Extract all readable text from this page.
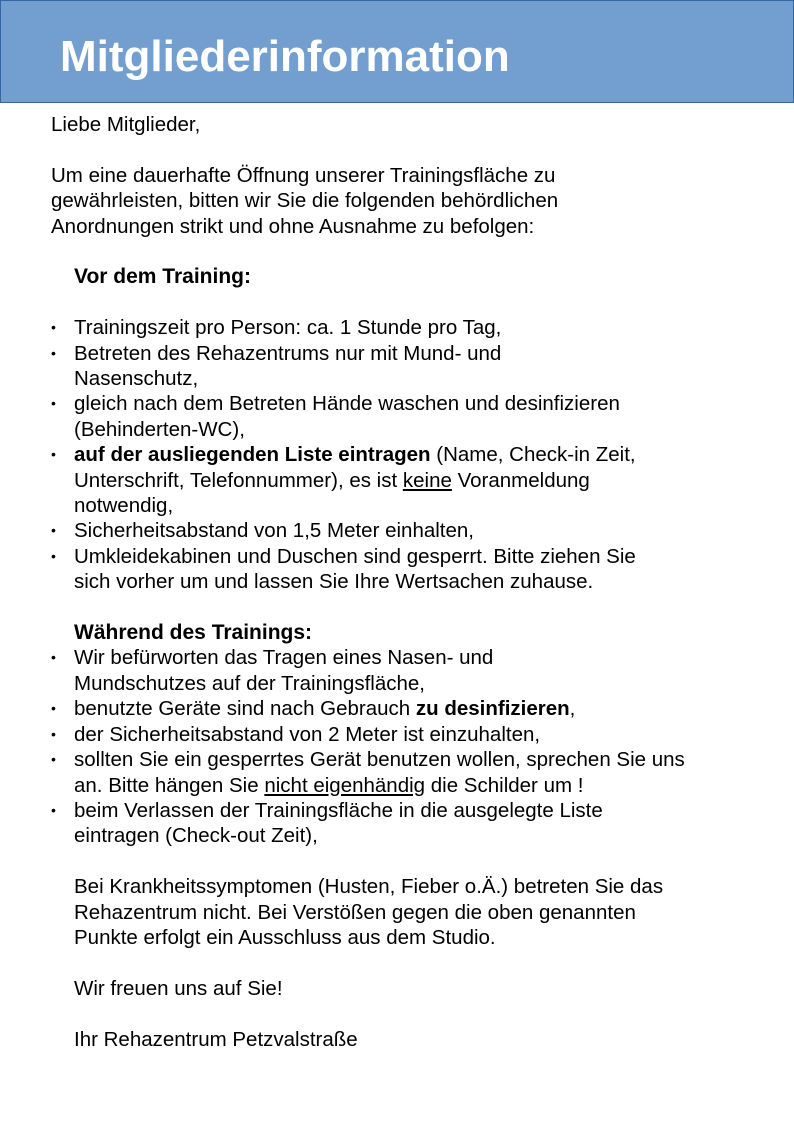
Mitgliederinformation

Liebe Mitglieder,

Um eine dauerhafte Öffnung unserer Trainingsfläche zu gewährleisten, bitten wir Sie die folgenden behördlichen Anordnungen strikt und ohne Ausnahme zu befolgen:

Vor dem Training:

• Trainingszeit pro Person: ca. 1 Stunde pro Tag,
• Betreten des Rehazentrums nur mit Mund- und Nasenschutz,
• gleich nach dem Betreten Hände waschen und desinfizieren (Behinderten-WC),
• auf der ausliegenden Liste eintragen (Name, Check-in Zeit, Unterschrift, Telefonnummer), es ist keine Voranmeldung notwendig,
• Sicherheitsabstand von 1,5 Meter einhalten,
• Umkleidekabinen und Duschen sind gesperrt. Bitte ziehen Sie sich vorher um und lassen Sie Ihre Wertsachen zuhause.

Während des Trainings:

• Wir befürworten das Tragen eines Nasen- und Mundschutzes auf der Trainingsfläche,
• benutzte Geräte sind nach Gebrauch zu desinfizieren,
• der Sicherheitsabstand von 2 Meter ist einzuhalten,
• sollten Sie ein gesperrtes Gerät benutzen wollen, sprechen Sie uns an. Bitte hängen Sie nicht eigenhändig die Schilder um !
• beim Verlassen der Trainingsfläche in die ausgelegte Liste eintragen (Check-out Zeit),

Bei Krankheitssymptomen (Husten, Fieber o.Ä.) betreten Sie das Rehazentrum nicht. Bei Verstößen gegen die oben genannten Punkte erfolgt ein Ausschluss aus dem Studio.

Wir freuen uns auf Sie!

Ihr Rehazentrum Petzvalstraße
